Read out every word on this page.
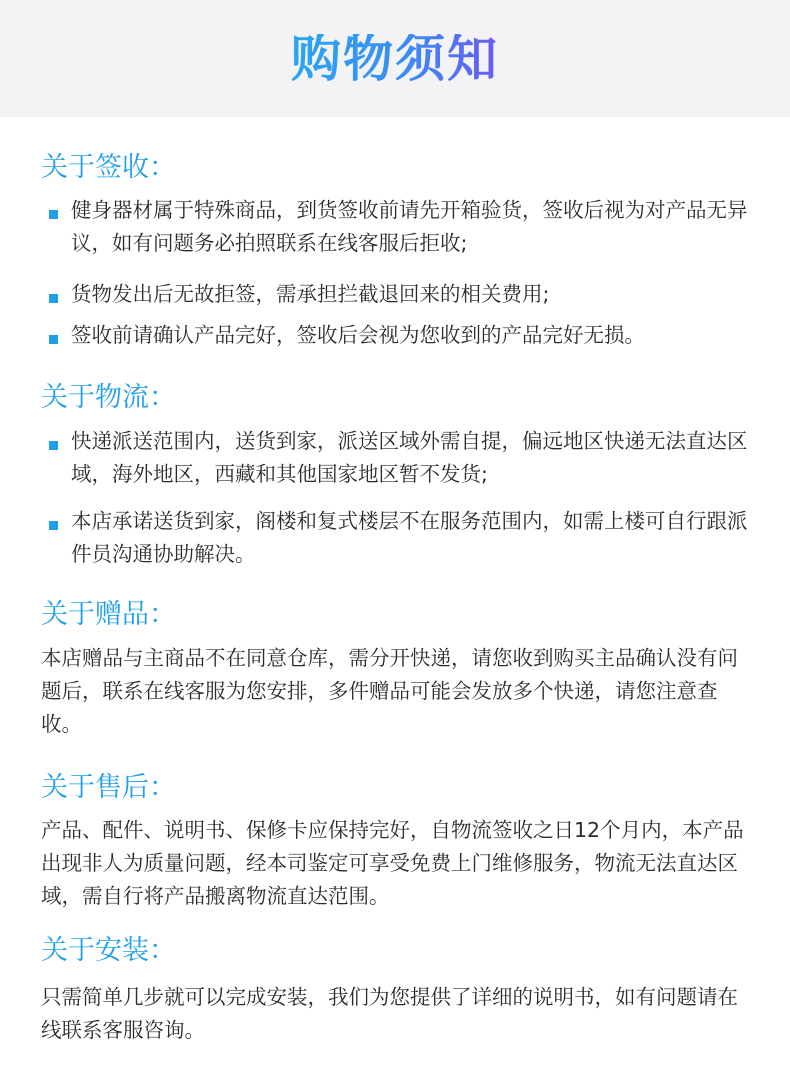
购物须知
关于签收：
健身器材属于特殊商品，到货签收前请先开箱验货，签收后视为对产品无异议，如有问题务必拍照联系在线客服后拒收;
货物发出后无故拒签，需承担拦截退回来的相关费用;
签收前请确认产品完好，签收后会视为您收到的产品完好无损。
关于物流：
快递派送范围内，送货到家，派送区域外需自提，偏远地区快递无法直达区域，海外地区，西藏和其他国家地区暂不发货;
本店承诺送货到家，阁楼和复式楼层不在服务范围内，如需上楼可自行跟派件员沟通协助解决。
关于赠品：
本店赠品与主商品不在同意仓库，需分开快递，请您收到购买主品确认没有问题后，联系在线客服为您安排，多件赠品可能会发放多个快递，请您注意查收。
关于售后：
产品、配件、说明书、保修卡应保持完好，自物流签收之日12个月内，本产品出现非人为质量问题，经本司鉴定可享受免费上门维修服务，物流无法直达区域，需自行将产品搬离物流直达范围。
关于安装：
只需简单几步就可以完成安装，我们为您提供了详细的说明书，如有问题请在线联系客服咨询。
